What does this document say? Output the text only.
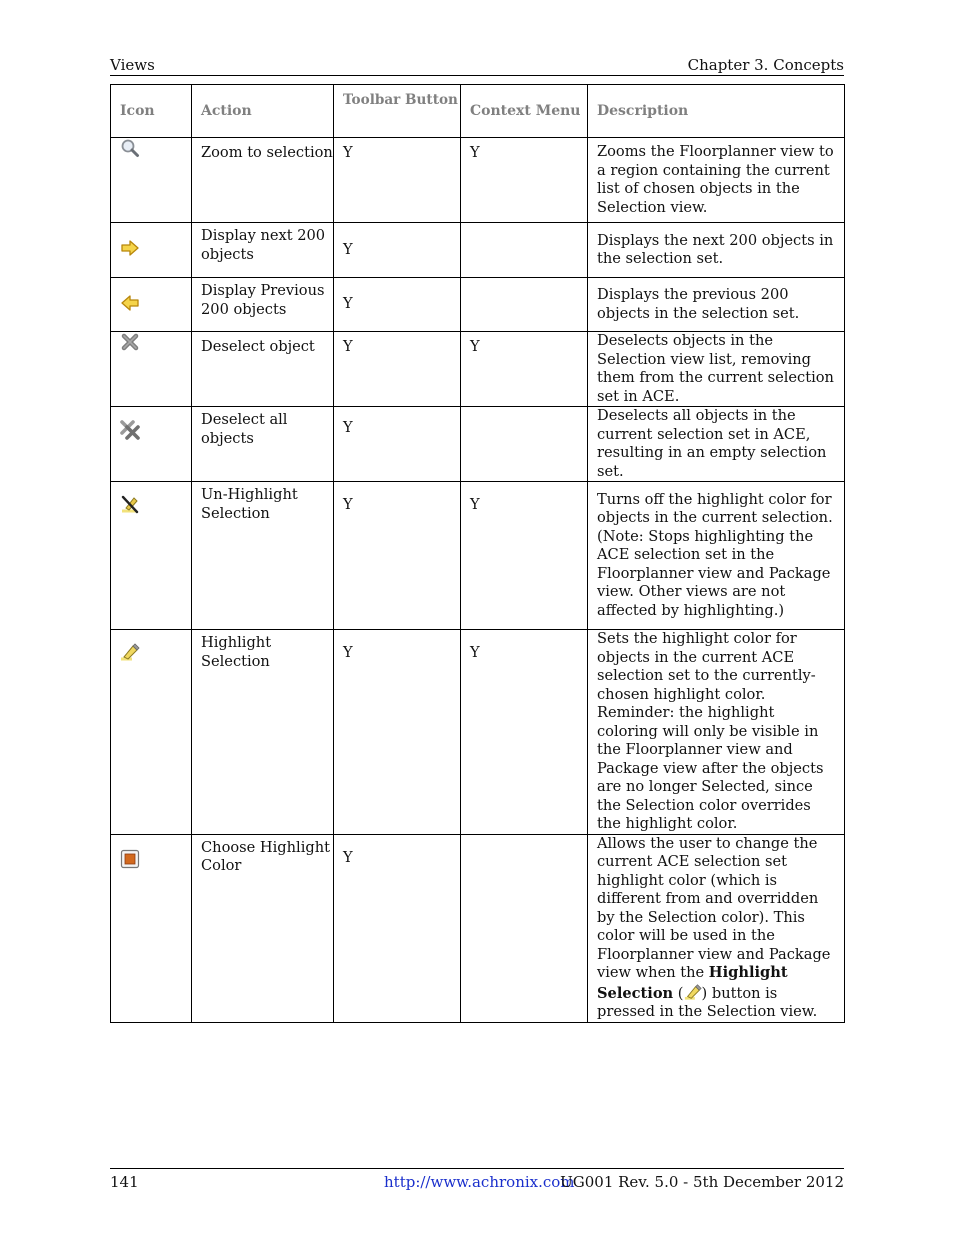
Views	Chapter 3. Concepts
Icon	Action	Toolbar Button	Context Menu	Description
	Zoom to selection	Y	Y	Zooms the Floorplanner view to a region containing the current list of chosen objects in the Selection view.
	Display next 200 objects	Y		Displays the next 200 objects in the selection set.
	Display Previous 200 objects	Y		Displays the previous 200 objects in the selection set.
	Deselect object	Y	Y	Deselects objects in the Selection view list, removing them from the current selection set in ACE.
	Deselect all objects	Y		Deselects all objects in the current selection set in ACE, resulting in an empty selection set.
	Un-Highlight Selection	Y	Y	Turns off the highlight color for objects in the current selection. (Note: Stops highlighting the ACE selection set in the Floorplanner view and Package view. Other views are not affected by highlighting.)
	Highlight Selection	Y	Y	Sets the highlight color for objects in the current ACE selection set to the currently-chosen highlight color. Reminder: the highlight coloring will only be visible in the Floorplanner view and Package view after the objects are no longer Selected, since the Selection color overrides the highlight color.
	Choose Highlight Color	Y		Allows the user to change the current ACE selection set highlight color (which is different from and overridden by the Selection color). This color will be used in the Floorplanner view and Package view when the Highlight Selection ( ) button is pressed in the Selection view.
141	http://www.achronix.com
UG001 Rev. 5.0 - 5th December 2012
